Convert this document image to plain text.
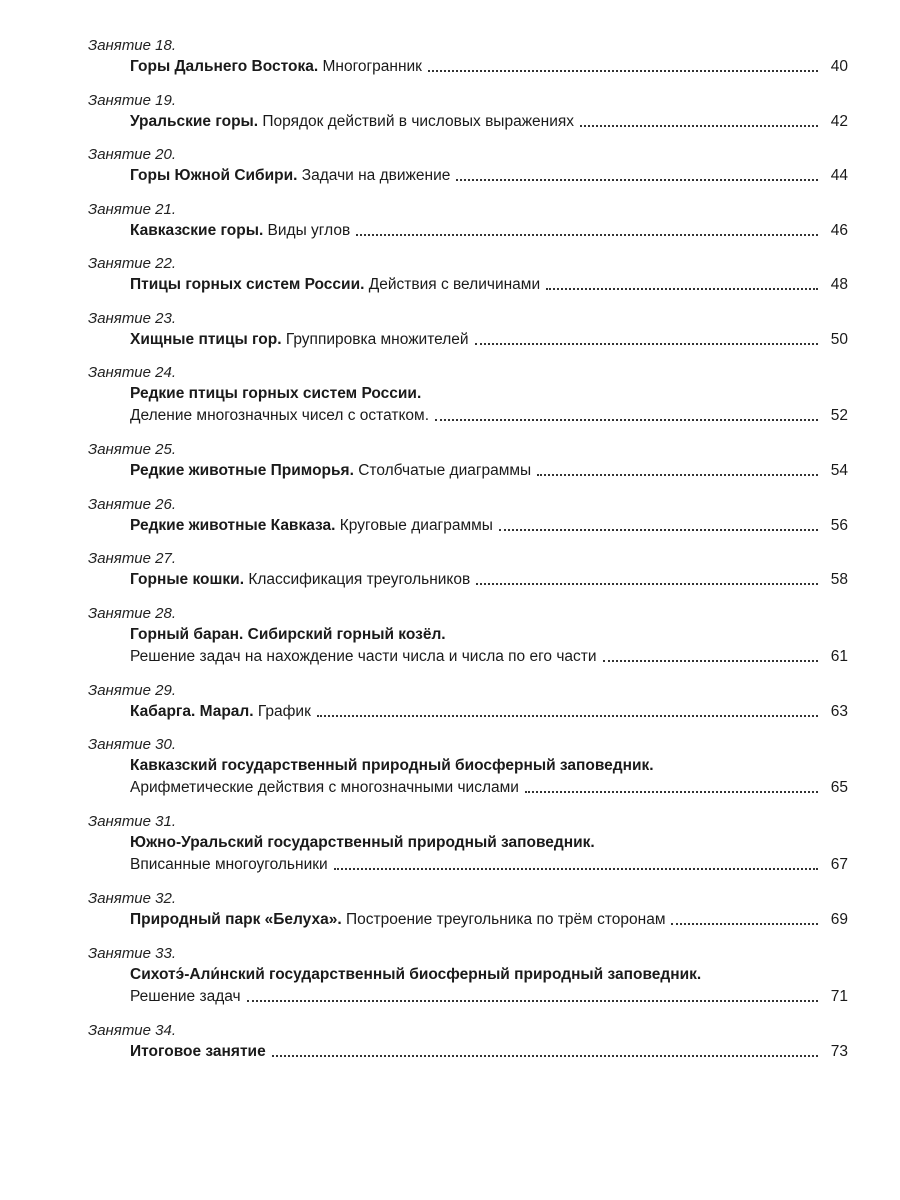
Занятие 18.
Горы Дальнего Востока. Многогранник	40
Занятие 19.
Уральские горы. Порядок действий в числовых выражениях	42
Занятие 20.
Горы Южной Сибири. Задачи на движение	44
Занятие 21.
Кавказские горы. Виды углов	46
Занятие 22.
Птицы горных систем России. Действия с величинами	48
Занятие 23.
Хищные птицы гор. Группировка множителей	50
Занятие 24.
Редкие птицы горных систем России.
Деление многозначных чисел с остатком.	52
Занятие 25.
Редкие животные Приморья. Столбчатые диаграммы	54
Занятие 26.
Редкие животные Кавказа. Круговые диаграммы	56
Занятие 27.
Горные кошки. Классификация треугольников	58
Занятие 28.
Горный баран. Сибирский горный козёл.
Решение задач на нахождение части числа и числа по его части	61
Занятие 29.
Кабарга. Марал. График	63
Занятие 30.
Кавказский государственный природный биосферный заповедник.
Арифметические действия с многозначными числами	65
Занятие 31.
Южно-Уральский государственный природный заповедник.
Вписанные многоугольники	67
Занятие 32.
Природный парк «Белуха». Построение треугольника по трём сторонам	69
Занятие 33.
Сихотэ́-Али́нский государственный биосферный природный заповедник.
Решение задач	71
Занятие 34.
Итоговое занятие	73
